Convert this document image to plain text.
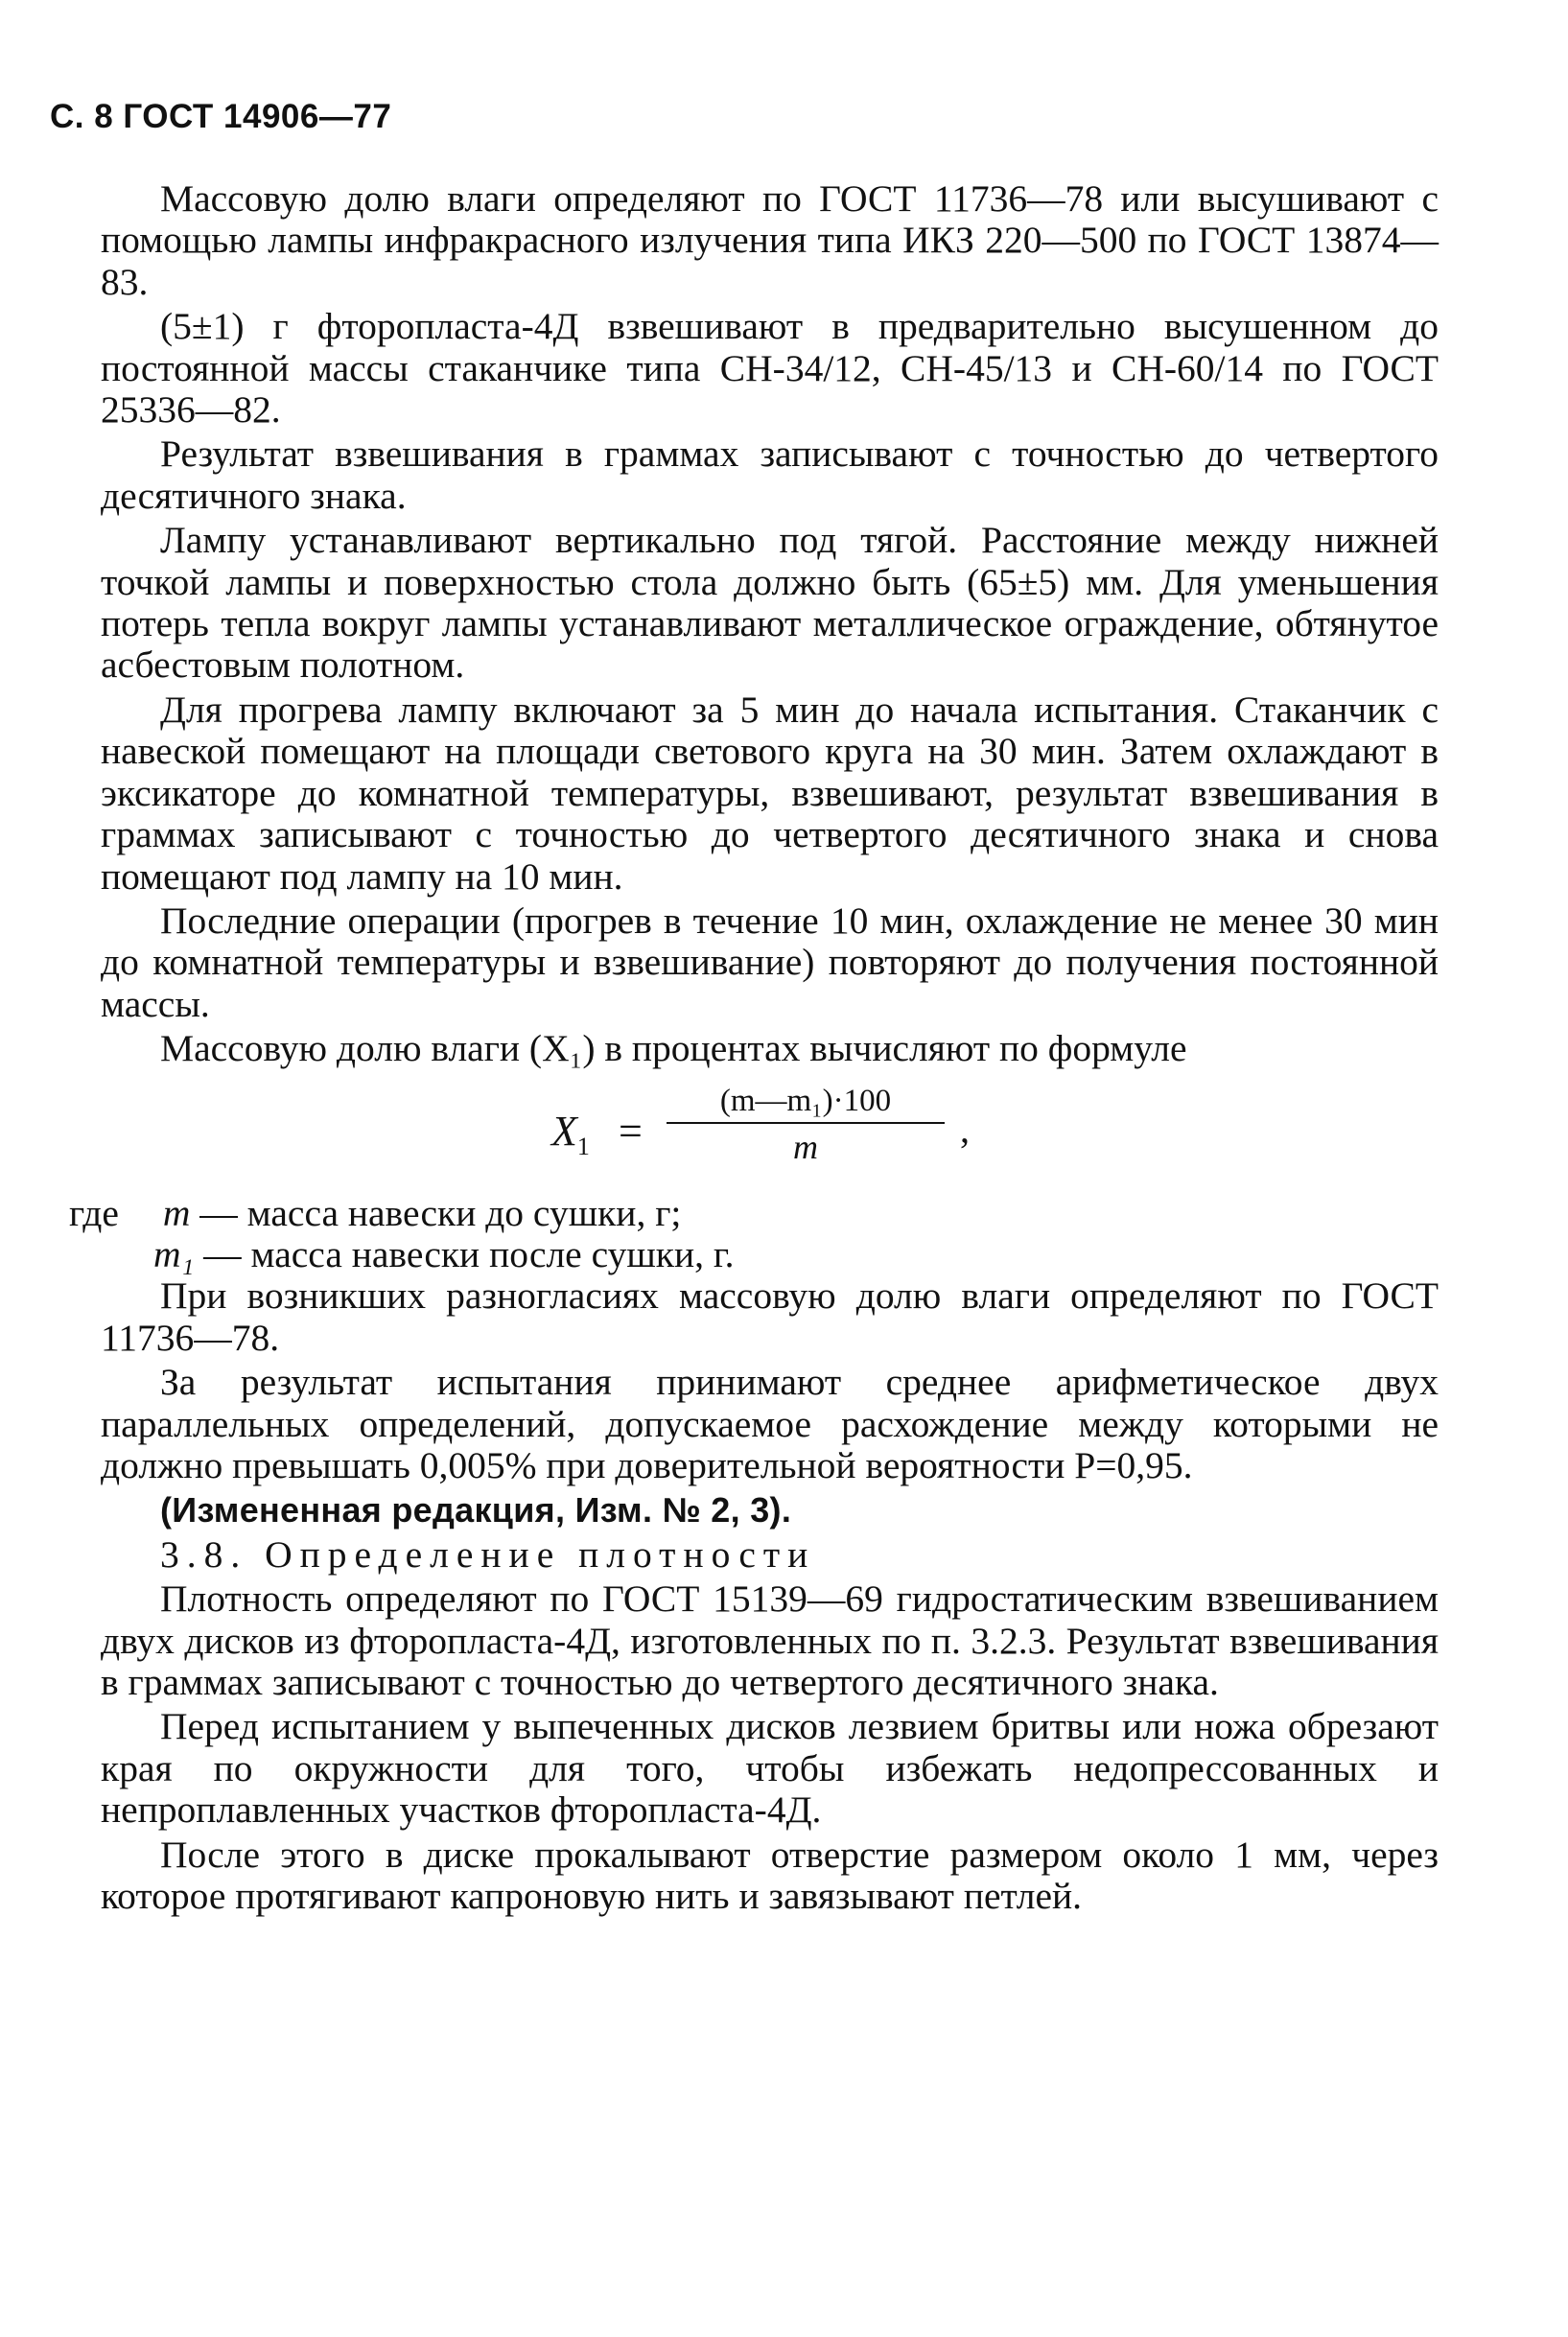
С. 8 ГОСТ 14906—77

Массовую долю влаги определяют по ГОСТ 11736—78 или высушивают с помощью лампы инфракрасного излучения типа ИКЗ 220—500 по ГОСТ 13874—83.

(5±1) г фторопласта-4Д взвешивают в предварительно высушенном до постоянной массы стаканчике типа СН-34/12, СН-45/13 и СН-60/14 по ГОСТ 25336—82.

Результат взвешивания в граммах записывают с точностью до четвертого десятичного знака.

Лампу устанавливают вертикально под тягой. Расстояние между нижней точкой лампы и поверхностью стола должно быть (65±5) мм. Для уменьшения потерь тепла вокруг лампы устанавливают металлическое ограждение, обтянутое асбестовым полотном.

Для прогрева лампу включают за 5 мин до начала испытания. Стаканчик с навеской помещают на площади светового круга на 30 мин. Затем охлаждают в эксикаторе до комнатной температуры, взвешивают, результат взвешивания в граммах записывают с точностью до четвертого десятичного знака и снова помещают под лампу на 10 мин.

Последние операции (прогрев в течение 10 мин, охлаждение не менее 30 мин до комнатной температуры и взвешивание) повторяют до получения постоянной массы.

Массовую долю влаги (X₁) в процентах вычисляют по формуле

$X_1$ =
(m—m₁)·100
m	,
где m — масса навески до сушки, г;
m₁ — масса навески после сушки, г.

При возникших разногласиях массовую долю влаги определяют по ГОСТ 11736—78.

За результат испытания принимают среднее арифметическое двух параллельных определений, допускаемое расхождение между которыми не должно превышать 0,005% при доверительной вероятности P=0,95.

(Измененная редакция, Изм. № 2, 3).

3.8. Определение плотности

Плотность определяют по ГОСТ 15139—69 гидростатическим взвешиванием двух дисков из фторопласта-4Д, изготовленных по п. 3.2.3. Результат взвешивания в граммах записывают с точностью до четвертого десятичного знака.

Перед испытанием у выпеченных дисков лезвием бритвы или ножа обрезают края по окружности для того, чтобы избежать недопрессованных и непроплавленных участков фторопласта-4Д.

После этого в диске прокалывают отверстие размером около 1 мм, через которое протягивают капроновую нить и завязывают петлей.
